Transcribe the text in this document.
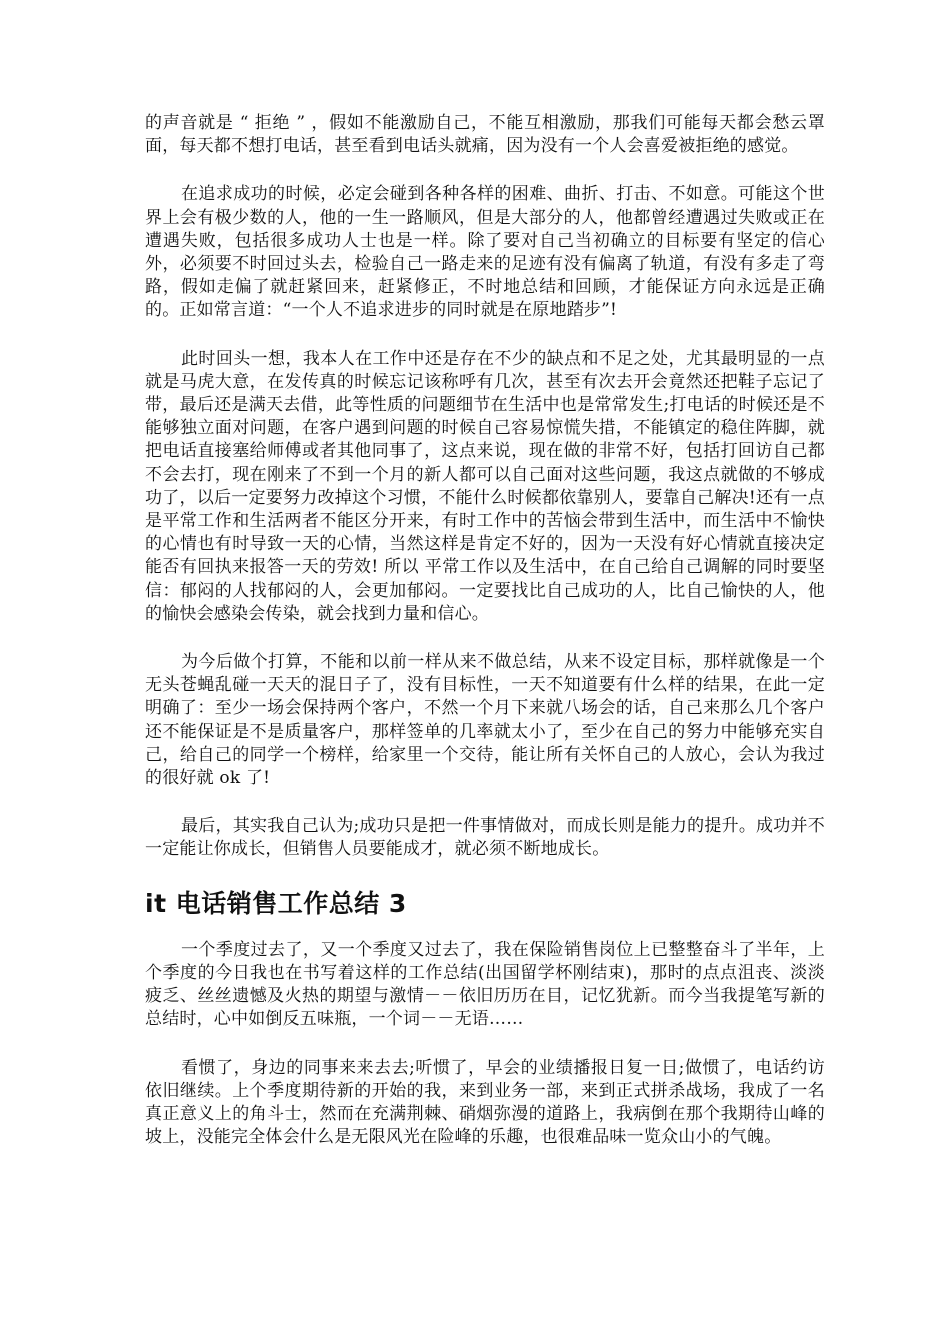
的声音就是 “ 拒绝 ” ，假如不能激励自己，不能互相激励，那我们可能每天都会愁云罩面，每天都不想打电话，甚至看到电话头就痛，因为没有一个人会喜爱被拒绝的感觉。

在追求成功的时候，必定会碰到各种各样的困难、曲折、打击、不如意。可能这个世界上会有极少数的人，他的一生一路顺风，但是大部分的人，他都曾经遭遇过失败或正在遭遇失败，包括很多成功人士也是一样。除了要对自己当初确立的目标要有坚定的信心外，必须要不时回过头去，检验自己一路走来的足迹有没有偏离了轨道，有没有多走了弯路，假如走偏了就赶紧回来，赶紧修正，不时地总结和回顾，才能保证方向永远是正确的。正如常言道：“一个人不追求进步的同时就是在原地踏步”!

此时回头一想，我本人在工作中还是存在不少的缺点和不足之处，尤其最明显的一点就是马虎大意，在发传真的时候忘记该称呼有几次，甚至有次去开会竟然还把鞋子忘记了带，最后还是满天去借，此等性质的问题细节在生活中也是常常发生;打电话的时候还是不能够独立面对问题，在客户遇到问题的时候自己容易惊慌失措，不能镇定的稳住阵脚，就把电话直接塞给师傅或者其他同事了，这点来说，现在做的非常不好，包括打回访自己都不会去打，现在刚来了不到一个月的新人都可以自己面对这些问题，我这点就做的不够成功了，以后一定要努力改掉这个习惯，不能什么时候都依靠别人，要靠自己解决!还有一点是平常工作和生活两者不能区分开来，有时工作中的苦恼会带到生活中，而生活中不愉快的心情也有时导致一天的心情，当然这样是肯定不好的，因为一天没有好心情就直接决定能否有回执来报答一天的劳效! 所以 平常工作以及生活中，在自己给自己调解的同时要坚信：郁闷的人找郁闷的人，会更加郁闷。一定要找比自己成功的人，比自己愉快的人，他的愉快会感染会传染，就会找到力量和信心。

为今后做个打算，不能和以前一样从来不做总结，从来不设定目标，那样就像是一个无头苍蝇乱碰一天天的混日子了，没有目标性，一天不知道要有什么样的结果，在此一定明确了：至少一场会保持两个客户，不然一个月下来就八场会的话，自己来那么几个客户还不能保证是不是质量客户，那样签单的几率就太小了，至少在自己的努力中能够充实自己，给自己的同学一个榜样，给家里一个交待，能让所有关怀自己的人放心，会认为我过的很好就 ok 了!

最后，其实我自己认为;成功只是把一件事情做对，而成长则是能力的提升。成功并不一定能让你成长，但销售人员要能成才，就必须不断地成长。

it 电话销售工作总结 3

一个季度过去了，又一个季度又过去了，我在保险销售岗位上已整整奋斗了半年，上个季度的今日我也在书写着这样的工作总结(出国留学杯刚结束)，那时的点点沮丧、淡淡疲乏、丝丝遗憾及火热的期望与激情－－依旧历历在目，记忆犹新。而今当我提笔写新的总结时，心中如倒反五味瓶，一个词－－无语……

看惯了，身边的同事来来去去;听惯了，早会的业绩播报日复一日;做惯了，电话约访依旧继续。上个季度期待新的开始的我，来到业务一部，来到正式拼杀战场，我成了一名真正意义上的角斗士，然而在充满荆棘、硝烟弥漫的道路上，我病倒在那个我期待山峰的坡上，没能完全体会什么是无限风光在险峰的乐趣，也很难品味一览众山小的气魄。
